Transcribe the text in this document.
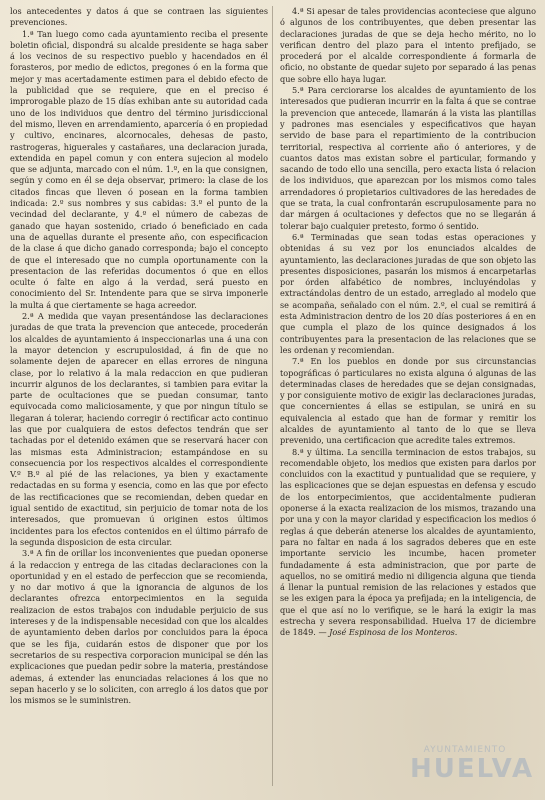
los antecedentes y datos á que se contraen las siguientes prevenciones.

1.ª Tan luego como cada ayuntamiento reciba el presente boletin oficial, dispondrá su alcalde presidente se haga saber á los vecinos de su respectivo pueblo y hacendados en él forasteros, por medio de edictos, pregones ó en la forma que mejor y mas acertadamente estimen para el debido efecto de la publicidad que se requiere, que en el preciso é improrogable plazo de 15 días exhiban ante su autoridad cada uno de los individuos que dentro del término jurisdiccional del mismo, lleven en arrendamiento, aparcería ó en propiedad y cultivo, encinares, alcornocales, dehesas de pasto, rastrogeras, higuerales y castañares, una declaracion jurada, extendida en papel comun y con entera sujecion al modelo que se adjunta, marcado con el núm. 1.º, en la que consignen, según y como en él se deja observar, primero: la clase de los citados fincas que lleven ó posean en la forma tambien indicada: 2.º sus nombres y sus cabidas: 3.º el punto de la vecindad del declarante, y 4.º el número de cabezas de ganado que hayan sostenido, criado ó beneficiado en cada una de aquellas durante el presente año, con especificacion de la clase á que dicho ganado corresponda; bajo el concepto de que el interesado que no cumpla oportunamente con la presentacion de las referidas documentos ó que en ellos oculte ó falte en algo á la verdad, será puesto en conocimiento del Sr. Intendente para que se sirva imponerle la multa á que ciertamente se haga acreedor.

2.ª A medida que vayan presentándose las declaraciones juradas de que trata la prevencion que antecede, procederán los alcaldes de ayuntamiento á inspeccionarlas una á una con la mayor detencion y escrupulosidad, á fin de que no solamente dejen de aparecer en ellas errores de ninguna clase, por lo relativo á la mala redaccion en que pudieran incurrir algunos de los declarantes, si tambien para evitar la parte de ocultaciones que se puedan consumar, tanto equivocada como maliciosamente, y que por ningun título se llegaran á tolerar, haciendo corregir ó rectificar acto continuo las que por cualquiera de estos defectos tendrán que ser tachadas por el detenido exámen que se reservará hacer con las mismas esta Administracion; estampándose en su consecuencia por los respectivos alcaldes el correspondiente V.º B.º al pié de las relaciones, ya bien y exactamente redactadas en su forma y esencia, como en las que por efecto de las rectificaciones que se recomiendan, deben quedar en igual sentido de exactitud, sin perjuicio de tomar nota de los interesados, que promuevan ú originen estos últimos incidentes para los efectos contenidos en el último párrafo de la segunda disposicion de esta circular.

3.ª A fin de orillar los inconvenientes que puedan oponerse á la redaccion y entrega de las citadas declaraciones con la oportunidad y en el estado de perfeccion que se recomienda, y no dar motivo á que la ignorancia de algunos de los declarantes ofrezca entorpecimientos en la seguida realizacion de estos trabajos con indudable perjuicio de sus intereses y de la indispensable necesidad con que los alcaldes de ayuntamiento deben darlos por concluidos para la época que se les fija, cuidarán estos de disponer que por los secretarios de su respectiva corporacion municipal se dén las explicaciones que puedan pedir sobre la materia, prestándose ademas, á extender las enunciadas relaciones á los que no sepan hacerlo y se lo soliciten, con arreglo á los datos que por los mismos se le suministren.

4.ª Si apesar de tales providencias aconteciese que alguno ó algunos de los contribuyentes, que deben presentar las declaraciones juradas de que se deja hecho mérito, no lo verifican dentro del plazo para el intento prefijado, se procederá por el alcalde correspondiente á formarla de oficio, no obstante de quedar sujeto por separado á las penas que sobre ello haya lugar.

5.ª Para cerciorarse los alcaldes de ayuntamiento de los interesados que pudieran incurrir en la falta á que se contrae la prevencion que antecede, llamarán á la vista las plantillas y padrones mas esenciales y especificativos que hayan servido de base para el repartimiento de la contribucion territorial, respectiva al corriente año ó anteriores, y de cuantos datos mas existan sobre el particular, formando y sacando de todo ello una sencilla, pero exacta lista ó relacion de los individuos, que aparezcan por los mismos como tales arrendadores ó propietarios cultivadores de las heredades de que se trata, la cual confrontarán escrupulosamente para no dar márgen á ocultaciones y defectos que no se llegarán á tolerar bajo cualquier pretesto, formo ó sentido.

6.ª Terminadas que sean todas estas operaciones y obtenidas á su vez por los enunciados alcaldes de ayuntamiento, las declaraciones juradas de que son objeto las presentes disposiciones, pasarán los mismos á encarpetarlas por órden alfabético de nombres, incluyéndolas y extractándolas dentro de un estado, arreglado al modelo que se acompaña, señalado con el núm. 2.º, el cual se remitirá á esta Administracion dentro de los 20 días posteriores á en en que cumpla el plazo de los quince designados á los contribuyentes para la presentacion de las relaciones que se les ordenan y recomiendan.

7.ª En los pueblos en donde por sus circunstancias topográficas ó particulares no exista alguna ó algunas de las determinadas clases de heredades que se dejan consignadas, y por consiguiente motivo de exigir las declaraciones juradas, que concernientes á ellas se estipulan, se unirá en su equivalencia al estado que han de formar y remitir los alcaldes de ayuntamiento al tanto de lo que se lleva prevenido, una certificacion que acredite tales extremos.

8.ª y última. La sencilla terminacion de estos trabajos, su recomendable objeto, los medios que existen para darlos por concluidos con la exactitud y puntualidad que se requiere, y las esplicaciones que se dejan espuestas en defensa y escudo de los entorpecimientos, que accidentalmente pudieran oponerse á la exacta realizacion de los mismos, trazando una por una y con la mayor claridad y especificacion los medios ó reglas á que deberán atenerse los alcaldes de ayuntamiento, para no faltar en nada á los sagrados deberes que en este importante servicio les incumbe, hacen prometer fundadamente á esta administracion, que por parte de aquellos, no se omitirá medio ni diligencia alguna que tienda á llenar la puntual remision de las relaciones y estados que se les exigen para la época ya prefijada; en la inteligencia, de que el que así no lo verifique, se le hará la exigir la mas estrecha y severa responsabilidad. Huelva 17 de diciembre de 1849. — José Espinosa de los Monteros.

AYUNTAMIENTO
HUELVA
